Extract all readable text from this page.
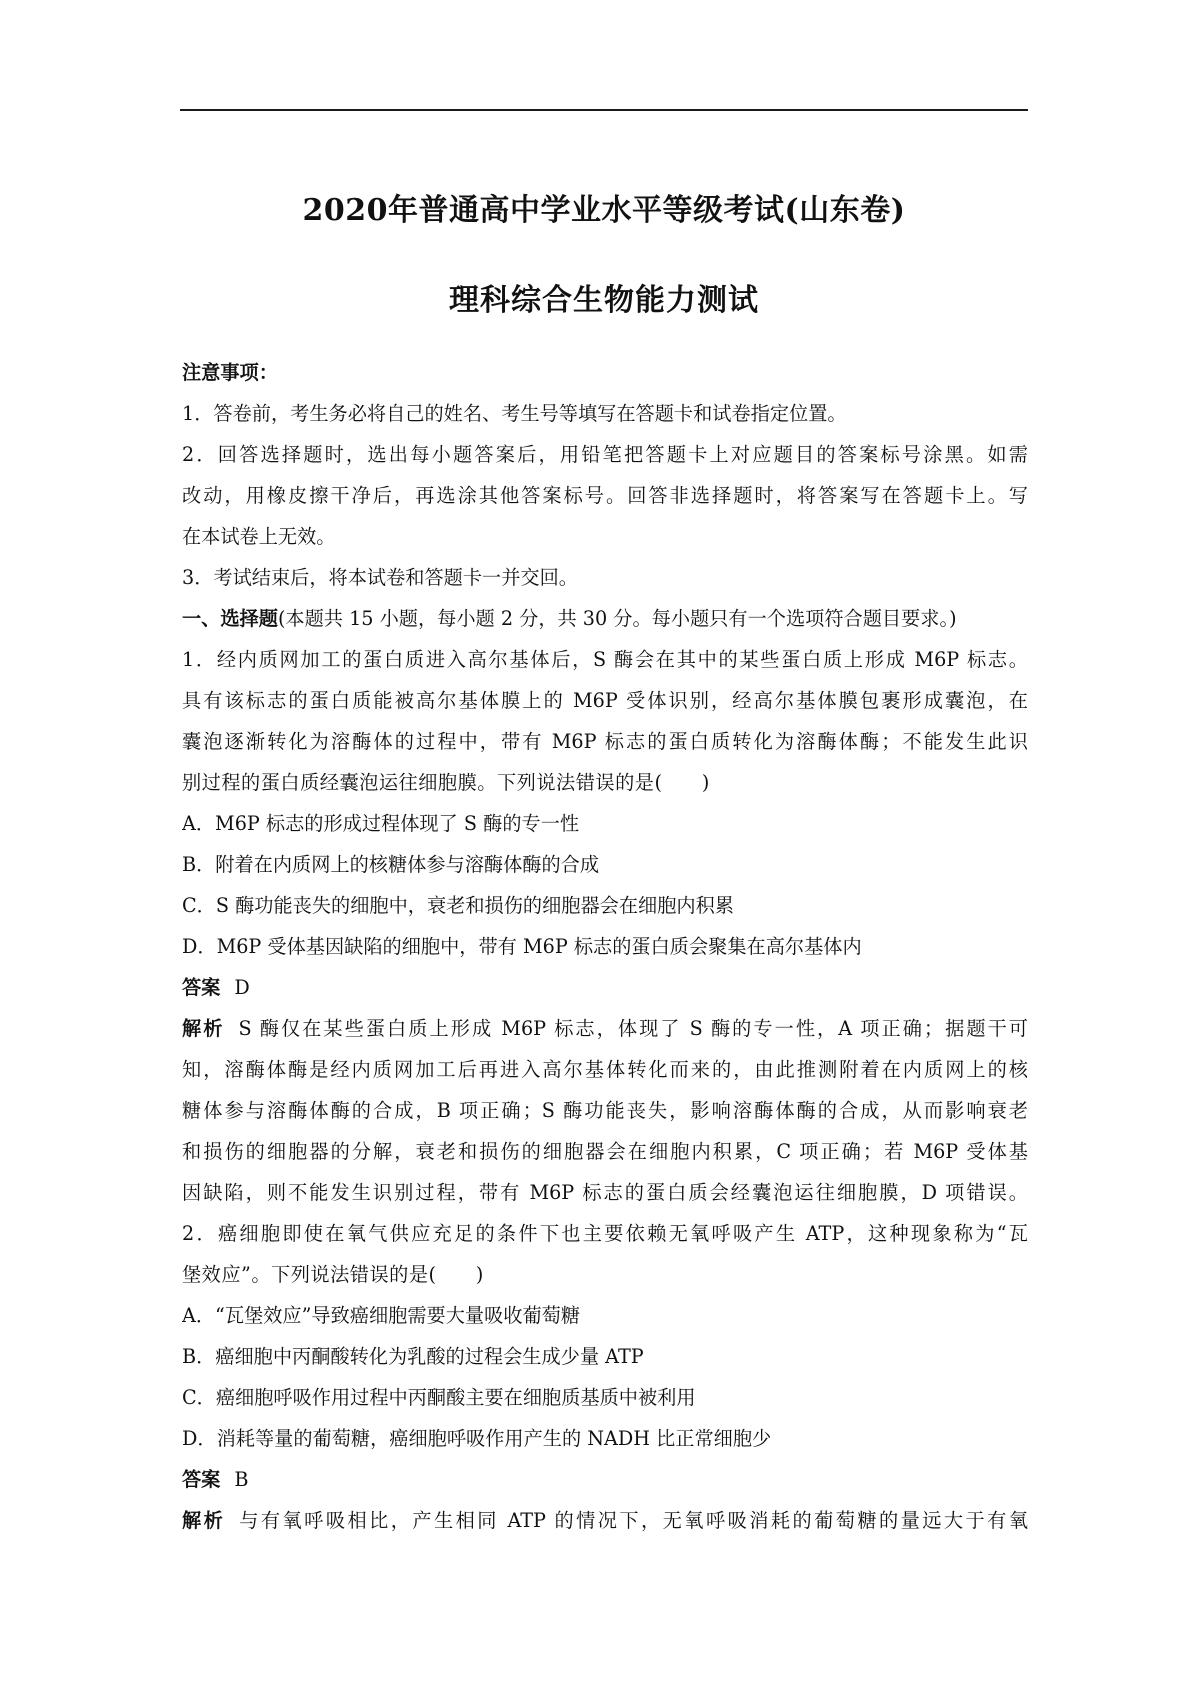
2020年普通高中学业水平等级考试(山东卷)
理科综合生物能力测试
注意事项：
1．答卷前，考生务必将自己的姓名、考生号等填写在答题卡和试卷指定位置。
2．回答选择题时，选出每小题答案后，用铅笔把答题卡上对应题目的答案标号涂黑。如需
改动，用橡皮擦干净后，再选涂其他答案标号。回答非选择题时，将答案写在答题卡上。写
在本试卷上无效。
3．考试结束后，将本试卷和答题卡一并交回。
一、选择题(本题共 15 小题，每小题 2 分，共 30 分。每小题只有一个选项符合题目要求。)
1．经内质网加工的蛋白质进入高尔基体后，S 酶会在其中的某些蛋白质上形成 M6P 标志。
具有该标志的蛋白质能被高尔基体膜上的 M6P 受体识别，经高尔基体膜包裹形成囊泡，在
囊泡逐渐转化为溶酶体的过程中，带有 M6P 标志的蛋白质转化为溶酶体酶；不能发生此识
别过程的蛋白质经囊泡运往细胞膜。下列说法错误的是(　　)
A．M6P 标志的形成过程体现了 S 酶的专一性
B．附着在内质网上的核糖体参与溶酶体酶的合成
C．S 酶功能丧失的细胞中，衰老和损伤的细胞器会在细胞内积累
D．M6P 受体基因缺陷的细胞中，带有 M6P 标志的蛋白质会聚集在高尔基体内
答案 D
解析 S 酶仅在某些蛋白质上形成 M6P 标志，体现了 S 酶的专一性，A 项正确；据题干可
知，溶酶体酶是经内质网加工后再进入高尔基体转化而来的，由此推测附着在内质网上的核
糖体参与溶酶体酶的合成，B 项正确；S 酶功能丧失，影响溶酶体酶的合成，从而影响衰老
和损伤的细胞器的分解，衰老和损伤的细胞器会在细胞内积累，C 项正确；若 M6P 受体基
因缺陷，则不能发生识别过程，带有 M6P 标志的蛋白质会经囊泡运往细胞膜，D 项错误。
2．癌细胞即使在氧气供应充足的条件下也主要依赖无氧呼吸产生 ATP，这种现象称为“瓦
堡效应”。下列说法错误的是(　　)
A．“瓦堡效应”导致癌细胞需要大量吸收葡萄糖
B．癌细胞中丙酮酸转化为乳酸的过程会生成少量 ATP
C．癌细胞呼吸作用过程中丙酮酸主要在细胞质基质中被利用
D．消耗等量的葡萄糖，癌细胞呼吸作用产生的 NADH 比正常细胞少
答案 B
解析 与有氧呼吸相比，产生相同 ATP 的情况下，无氧呼吸消耗的葡萄糖的量远大于有氧
